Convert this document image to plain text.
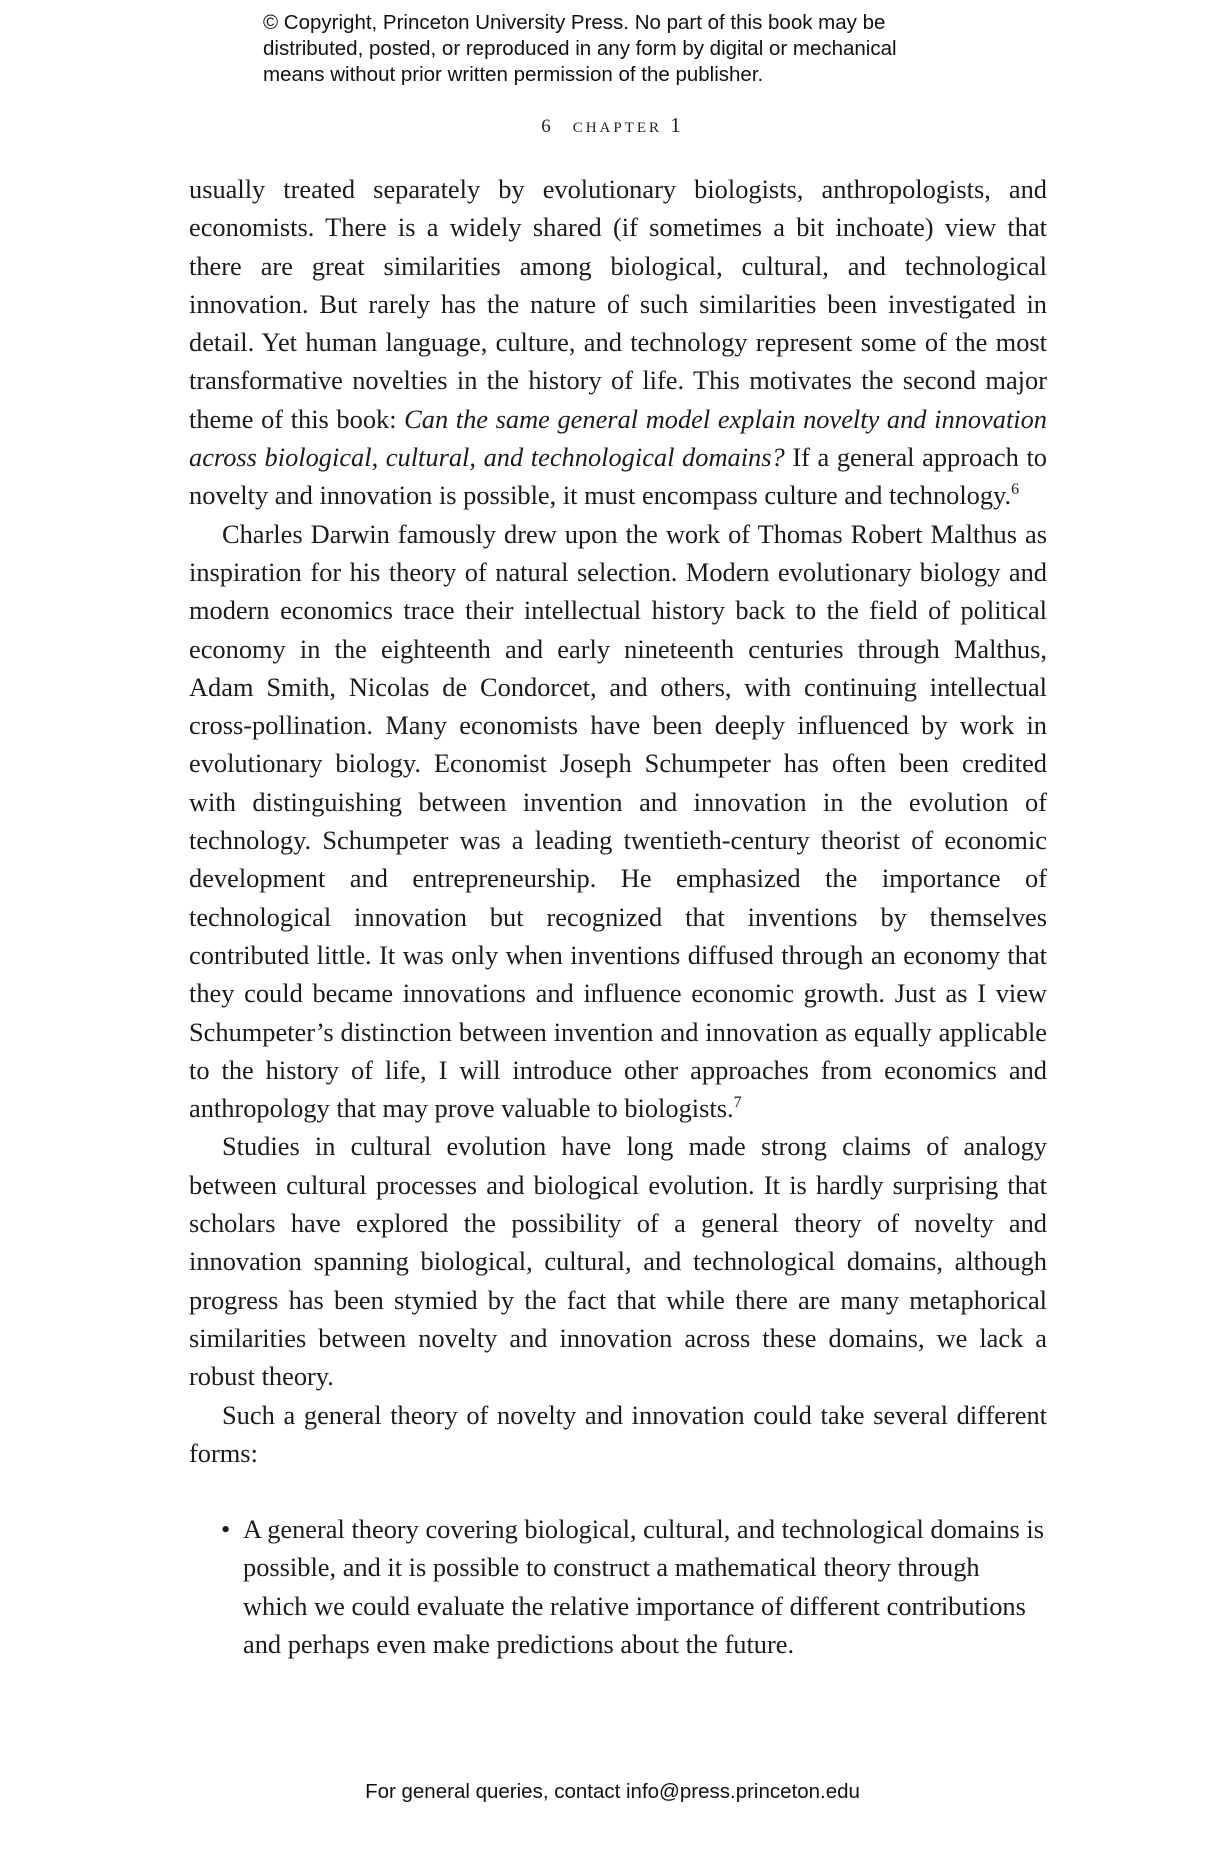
© Copyright, Princeton University Press. No part of this book may be
distributed, posted, or reproduced in any form by digital or mechanical
means without prior written permission of the publisher.
6 chapter 1

usually treated separately by evolutionary biologists, anthropologists, and economists. There is a widely shared (if sometimes a bit inchoate) view that there are great similarities among biological, cultural, and technological innovation. But rarely has the nature of such similarities been investigated in detail. Yet human language, culture, and technology represent some of the most transformative novelties in the history of life. This motivates the second major theme of this book: Can the same general model explain novelty and innovation across biological, cultural, and technological domains? If a general approach to novelty and innovation is possible, it must encompass culture and technology.$^6$

Charles Darwin famously drew upon the work of Thomas Robert Malthus as inspiration for his theory of natural selection. Modern evolutionary biology and modern economics trace their intellectual history back to the field of political economy in the eighteenth and early nineteenth centuries through Malthus, Adam Smith, Nicolas de Condorcet, and others, with continuing intellectual cross-pollination. Many economists have been deeply influenced by work in evolutionary biology. Economist Joseph Schumpeter has often been credited with distinguishing between invention and innovation in the evolution of technology. Schumpeter was a leading twentieth-century theorist of economic development and entrepreneurship. He emphasized the importance of technological innovation but recognized that inventions by themselves contributed little. It was only when inventions diffused through an economy that they could became innovations and influence economic growth. Just as I view Schumpeter’s distinction between invention and innovation as equally applicable to the history of life, I will introduce other approaches from economics and anthropology that may prove valuable to biologists.$^7$

Studies in cultural evolution have long made strong claims of analogy between cultural processes and biological evolution. It is hardly surprising that scholars have explored the possibility of a general theory of novelty and innovation spanning biological, cultural, and technological domains, although progress has been stymied by the fact that while there are many metaphorical similarities between novelty and innovation across these domains, we lack a robust theory.

Such a general theory of novelty and innovation could take several different forms:

• A general theory covering biological, cultural, and technological domains is possible, and it is possible to construct a mathematical theory through which we could evaluate the relative importance of different contributions and perhaps even make predictions about the future.
For general queries, contact info@press.princeton.edu
